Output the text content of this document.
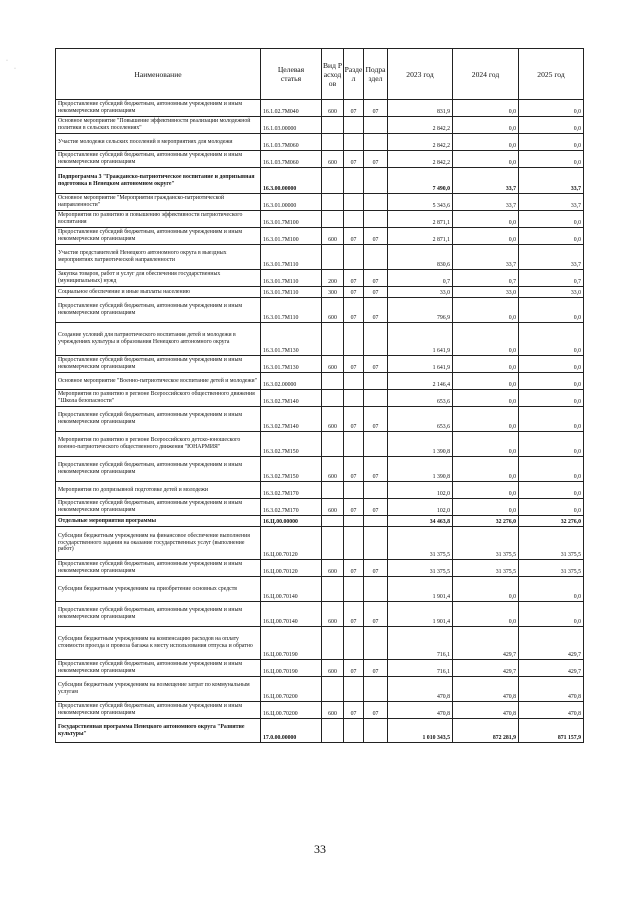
·
·
Наименование	Целевая статья	Вид Расходов	Раздел	Подраздел	2023 год	2024 год	2025 год
Предоставление субсидий бюджетным, автономным учреждениям и иным некоммерческим организациям	16.1.02.7М040	600	07	07	831,9	0,0	0,0
Основное мероприятие "Повышение эффективности реализации молодежной политики в сельских поселениях"	16.1.03.00000				2 842,2	0,0	0,0
Участие молодежи сельских поселений в мероприятиях для молодежи	16.1.03.7М060				2 842,2	0,0	0,0
Предоставление субсидий бюджетным, автономным учреждениям и иным некоммерческим организациям	16.1.03.7М060	600	07	07	2 842,2	0,0	0,0
Подпрограмма 3 "Гражданско-патриотическое воспитание и допризывная подготовка в Ненецком автономном округе"	16.3.00.00000				7 490,0	33,7	33,7
Основное мероприятие "Мероприятия гражданско-патриотической направленности"	16.3.01.00000				5 343,6	33,7	33,7
Мероприятия по развитию и повышению эффективности патриотического воспитания	16.3.01.7М100				2 871,1	0,0	0,0
Предоставление субсидий бюджетным, автономным учреждениям и иным некоммерческим организациям	16.3.01.7М100	600	07	07	2 871,1	0,0	0,0
Участие представителей Ненецкого автономного округа в выездных мероприятиях патриотической направленности	16.3.01.7М110				830,6	33,7	33,7
Закупка товаров, работ и услуг для обеспечения государственных (муниципальных) нужд	16.3.01.7М110	200	07	07	0,7	0,7	0,7
Социальное обеспечение и иные выплаты населению	16.3.01.7М110	300	07	07	33,0	33,0	33,0
Предоставление субсидий бюджетным, автономным учреждениям и иным некоммерческим организациям	16.3.01.7М110	600	07	07	796,9	0,0	0,0
Создание условий для патриотического воспитания детей и молодежи в учреждениях культуры и образования Ненецкого автономного округа	16.3.01.7М130				1 641,9	0,0	0,0
Предоставление субсидий бюджетным, автономным учреждениям и иным некоммерческим организациям	16.3.01.7М130	600	07	07	1 641,9	0,0	0,0
Основное мероприятие "Военно-патриотическое воспитание детей и молодежи"	16.3.02.00000				2 146,4	0,0	0,0
Мероприятия по развитию в регионе Всероссийского общественного движения "Школа безопасности"	16.3.02.7М140				653,6	0,0	0,0
Предоставление субсидий бюджетным, автономным учреждениям и иным некоммерческим организациям	16.3.02.7М140	600	07	07	653,6	0,0	0,0
Мероприятия по развитию в регионе Всероссийского детско-юношеского военно-патриотического общественного движения "ЮНАРМИЯ"	16.3.02.7М150				1 390,8	0,0	0,0
Предоставление субсидий бюджетным, автономным учреждениям и иным некоммерческим организациям	16.3.02.7М150	600	07	07	1 390,8	0,0	0,0
Мероприятия по допризывной подготовке детей и молодежи	16.3.02.7М170				102,0	0,0	0,0
Предоставление субсидий бюджетным, автономным учреждениям и иным некоммерческим организациям	16.3.02.7М170	600	07	07	102,0	0,0	0,0
Отдельные мероприятия программы	16.Ц.00.00000				34 463,8	32 276,0	32 276,0
Субсидии бюджетным учреждениям на финансовое обеспечение выполнения государственного задания на оказание государственных услуг (выполнение работ)	16.Ц.00.70120				31 375,5	31 375,5	31 375,5
Предоставление субсидий бюджетным, автономным учреждениям и иным некоммерческим организациям	16.Ц.00.70120	600	07	07	31 375,5	31 375,5	31 375,5
Субсидии бюджетным учреждениям на приобретение основных средств	16.Ц.00.70140				1 901,4	0,0	0,0
Предоставление субсидий бюджетным, автономным учреждениям и иным некоммерческим организациям	16.Ц.00.70140	600	07	07	1 901,4	0,0	0,0
Субсидии бюджетным учреждениям на компенсацию расходов на оплату стоимости проезда и провоза багажа к месту использования отпуска и обратно	16.Ц.00.70190				716,1	429,7	429,7
Предоставление субсидий бюджетным, автономным учреждениям и иным некоммерческим организациям	16.Ц.00.70190	600	07	07	716,1	429,7	429,7
Субсидии бюджетным учреждениям на возмещение затрат по коммунальным услугам	16.Ц.00.70200				470,8	470,8	470,8
Предоставление субсидий бюджетным, автономным учреждениям и иным некоммерческим организациям	16.Ц.00.70200	600	07	07	470,8	470,8	470,8
Государственная программа Ненецкого автономного округа "Развитие культуры"	17.0.00.00000				1 010 343,5	872 281,9	871 157,9
33
